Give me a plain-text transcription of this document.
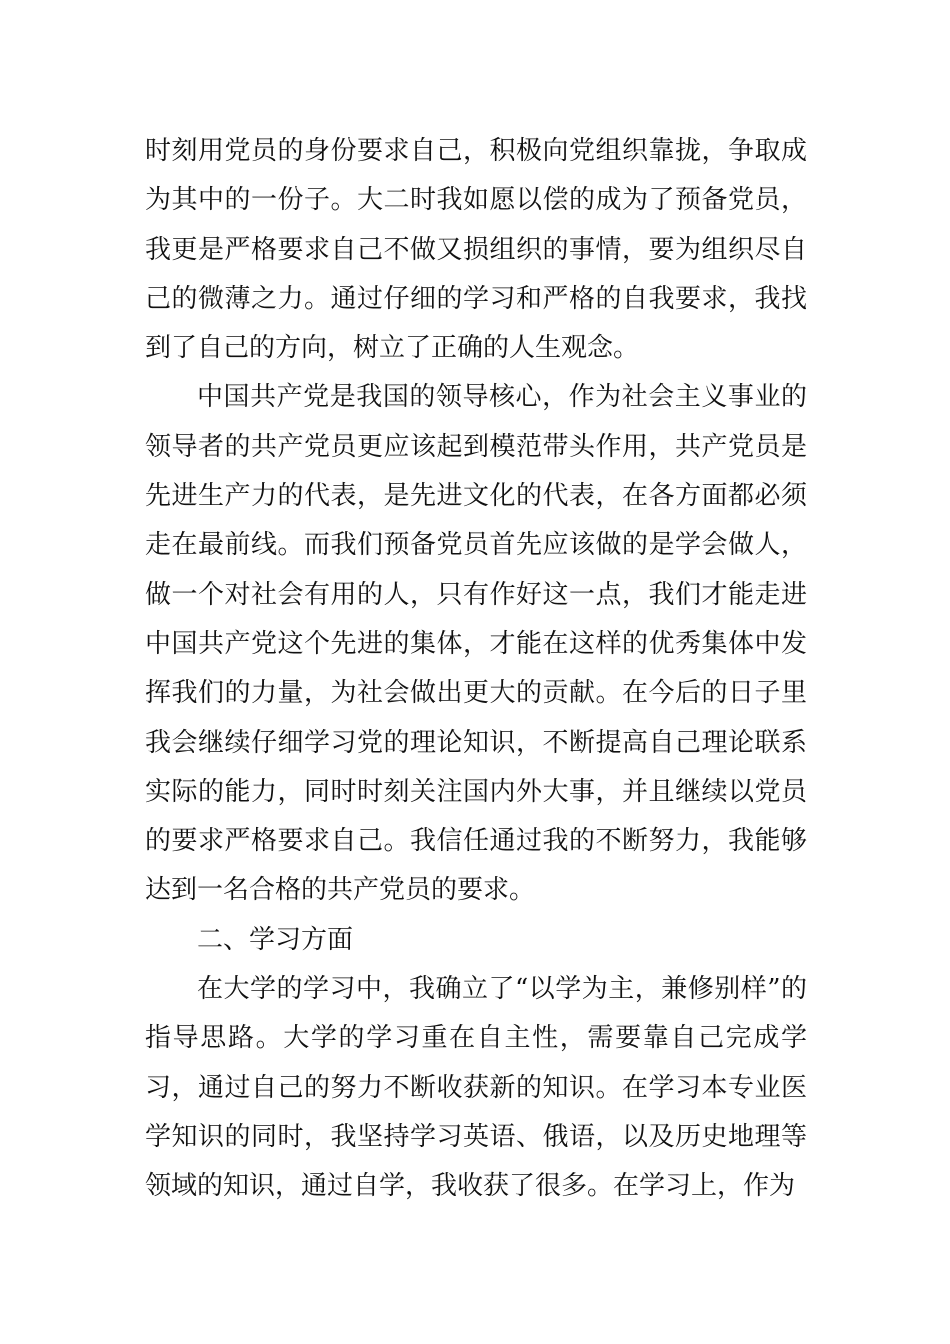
时刻用党员的身份要求自己，积极向党组织靠拢，争取成为其中的一份子。大二时我如愿以偿的成为了预备党员，我更是严格要求自己不做又损组织的事情，要为组织尽自己的微薄之力。通过仔细的学习和严格的自我要求，我找到了自己的方向，树立了正确的人生观念。

中国共产党是我国的领导核心，作为社会主义事业的领导者的共产党员更应该起到模范带头作用，共产党员是先进生产力的代表，是先进文化的代表，在各方面都必须走在最前线。而我们预备党员首先应该做的是学会做人，做一个对社会有用的人，只有作好这一点，我们才能走进中国共产党这个先进的集体，才能在这样的优秀集体中发挥我们的力量，为社会做出更大的贡献。在今后的日子里我会继续仔细学习党的理论知识，不断提高自己理论联系实际的能力，同时时刻关注国内外大事，并且继续以党员的要求严格要求自己。我信任通过我的不断努力，我能够达到一名合格的共产党员的要求。

二、学习方面

在大学的学习中，我确立了“以学为主，兼修别样”的指导思路。大学的学习重在自主性，需要靠自己完成学习，通过自己的努力不断收获新的知识。在学习本专业医学知识的同时，我坚持学习英语、俄语，以及历史地理等领域的知识，通过自学，我收获了很多。在学习上，作为
